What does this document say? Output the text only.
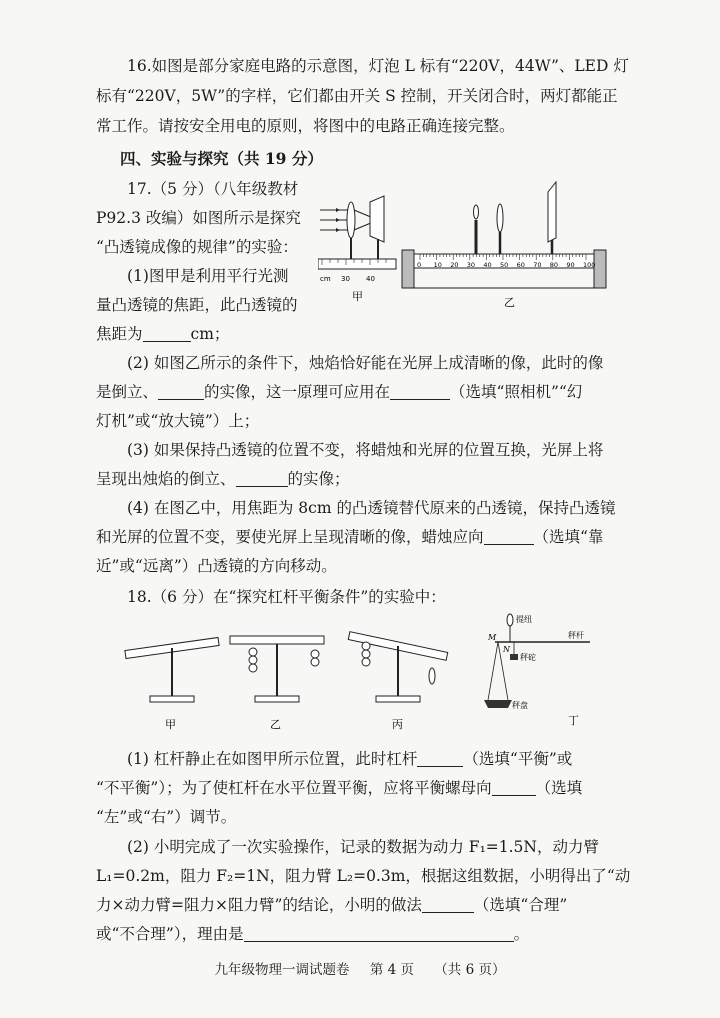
16.如图是部分家庭电路的示意图，灯泡 L 标有“220V，44W”、LED 灯

标有“220V，5W”的字样，它们都由开关 S 控制，开关闭合时，两灯都能正

常工作。请按安全用电的原则，将图中的电路正确连接完整。

四、实验与探究（共 19 分）

17.（5 分）（八年级教材

P92.3 改编）如图所示是探究

“凸透镜成像的规律”的实验：

(1)图甲是利用平行光测

量凸透镜的焦距，此凸透镜的

焦距为	cm；

cm 30 40
甲
0 10 20 30 40 50 60 70 80 90 100
乙

(2) 如图乙所示的条件下，烛焰恰好能在光屏上成清晰的像，此时的像

是倒立、	的实像，这一原理可应用在	（选填“照相机”“幻

灯机”或“放大镜”）上；

(3) 如果保持凸透镜的位置不变，将蜡烛和光屏的位置互换，光屏上将

呈现出烛焰的倒立、	的实像；

(4) 在图乙中，用焦距为 8cm 的凸透镜替代原来的凸透镜，保持凸透镜

和光屏的位置不变，要使光屏上呈现清晰的像，蜡烛应向	（选填“靠

近”或“远离”）凸透镜的方向移动。

18.（6 分）在“探究杠杆平衡条件”的实验中：

甲	乙	丙
M
N
提纽
秤杆
秤砣
秤盘
丁

(1) 杠杆静止在如图甲所示位置，此时杠杆	（选填“平衡”或

“不平衡”）；为了使杠杆在水平位置平衡，应将平衡螺母向	（选填

“左”或“右”）调节。

(2) 小明完成了一次实验操作，记录的数据为动力 F₁=1.5N，动力臂

L₁=0.2m，阻力 F₂=1N，阻力臂 L₂=0.3m，根据这组数据，小明得出了“动

力×动力臂=阻力×阻力臂”的结论，小明的做法	（选填“合理”

或“不合理”），理由是	。

九年级物理一调试题卷 第 4 页 （共 6 页）
